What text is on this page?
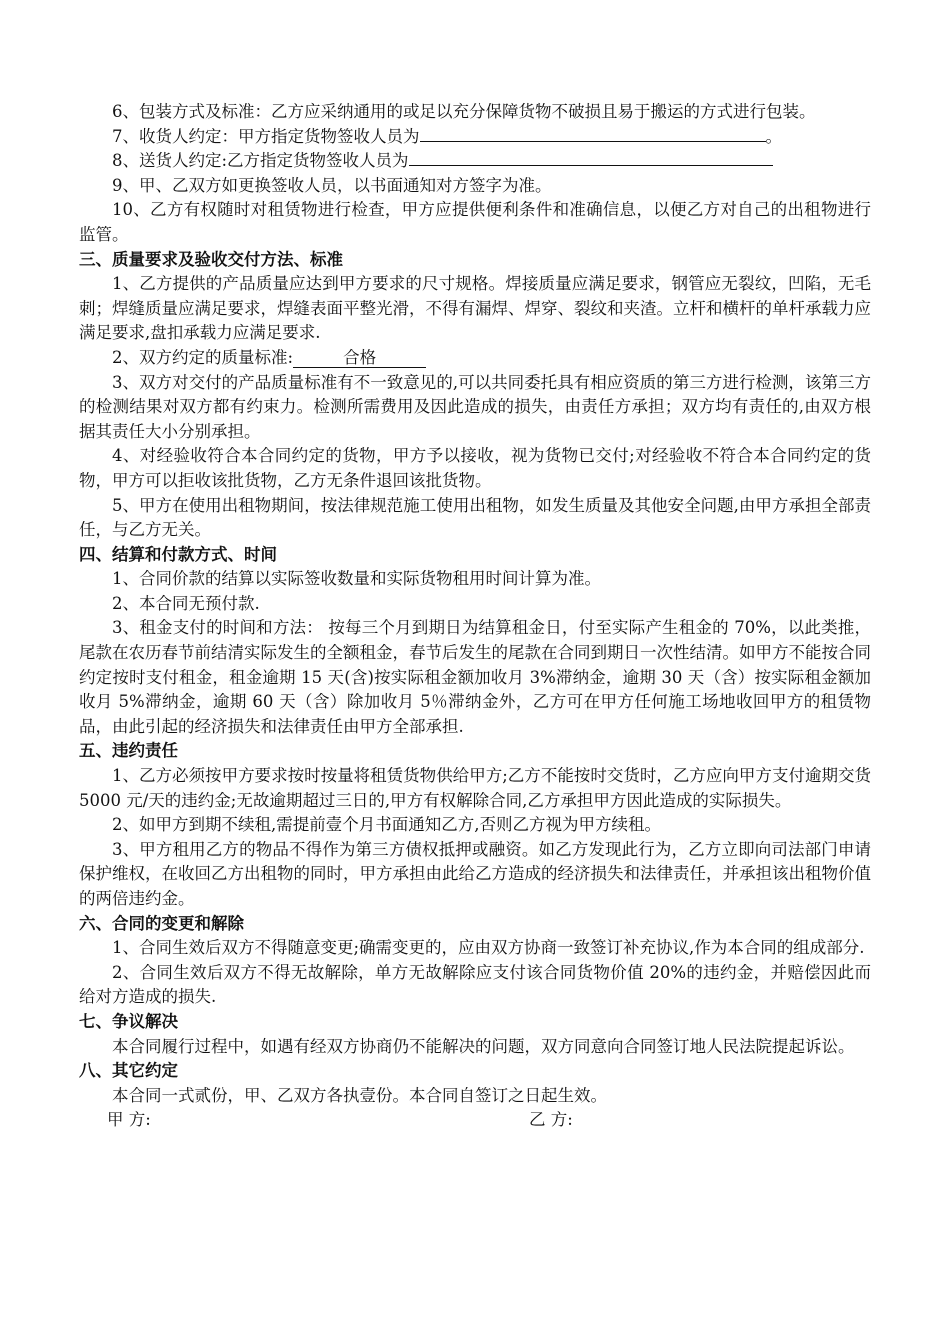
6、包装方式及标准：乙方应采纳通用的或足以充分保障货物不破损且易于搬运的方式进行包装。

7、收货人约定：甲方指定货物签收人员为	。

8、送货人约定:乙方指定货物签收人员为

9、甲、乙双方如更换签收人员，以书面通知对方签字为准。

10、乙方有权随时对租赁物进行检查，甲方应提供便利条件和准确信息，以便乙方对自己的出租物进行监管。

三、质量要求及验收交付方法、标准

1、乙方提供的产品质量应达到甲方要求的尺寸规格。焊接质量应满足要求，钢管应无裂纹，凹陷，无毛刺；焊缝质量应满足要求，焊缝表面平整光滑，不得有漏焊、焊穿、裂纹和夹渣。立杆和横杆的单杆承载力应满足要求,盘扣承载力应满足要求.

2、双方约定的质量标准:	合格

3、双方对交付的产品质量标准有不一致意见的,可以共同委托具有相应资质的第三方进行检测，该第三方的检测结果对双方都有约束力。检测所需费用及因此造成的损失，由责任方承担；双方均有责任的,由双方根据其责任大小分别承担。

4、对经验收符合本合同约定的货物，甲方予以接收，视为货物已交付;对经验收不符合本合同约定的货物，甲方可以拒收该批货物，乙方无条件退回该批货物。

5、甲方在使用出租物期间，按法律规范施工使用出租物，如发生质量及其他安全问题,由甲方承担全部责任，与乙方无关。

四、结算和付款方式、时间

1、合同价款的结算以实际签收数量和实际货物租用时间计算为准。

2、本合同无预付款.

3、租金支付的时间和方法： 按每三个月到期日为结算租金日，付至实际产生租金的 70%，以此类推，尾款在农历春节前结清实际发生的全额租金，春节后发生的尾款在合同到期日一次性结清。如甲方不能按合同约定按时支付租金，租金逾期 15 天(含)按实际租金额加收月 3%滞纳金，逾期 30 天（含）按实际租金额加收月 5%滞纳金，逾期 60 天（含）除加收月 5％滞纳金外，乙方可在甲方任何施工场地收回甲方的租赁物品，由此引起的经济损失和法律责任由甲方全部承担.

五、违约责任

1、乙方必须按甲方要求按时按量将租赁货物供给甲方;乙方不能按时交货时，乙方应向甲方支付逾期交货 5000 元/天的违约金;无故逾期超过三日的,甲方有权解除合同,乙方承担甲方因此造成的实际损失。

2、如甲方到期不续租,需提前壹个月书面通知乙方,否则乙方视为甲方续租。

3、甲方租用乙方的物品不得作为第三方债权抵押或融资。如乙方发现此行为，乙方立即向司法部门申请保护维权，在收回乙方出租物的同时，甲方承担由此给乙方造成的经济损失和法律责任，并承担该出租物价值的两倍违约金。

六、合同的变更和解除

1、合同生效后双方不得随意变更;确需变更的，应由双方协商一致签订补充协议,作为本合同的组成部分.

2、合同生效后双方不得无故解除，单方无故解除应支付该合同货物价值 20%的违约金，并赔偿因此而给对方造成的损失.

七、争议解决

本合同履行过程中，如遇有经双方协商仍不能解决的问题，双方同意向合同签订地人民法院提起诉讼。

八、其它约定

本合同一式贰份，甲、乙双方各执壹份。本合同自签订之日起生效。

甲 方:	乙 方:
